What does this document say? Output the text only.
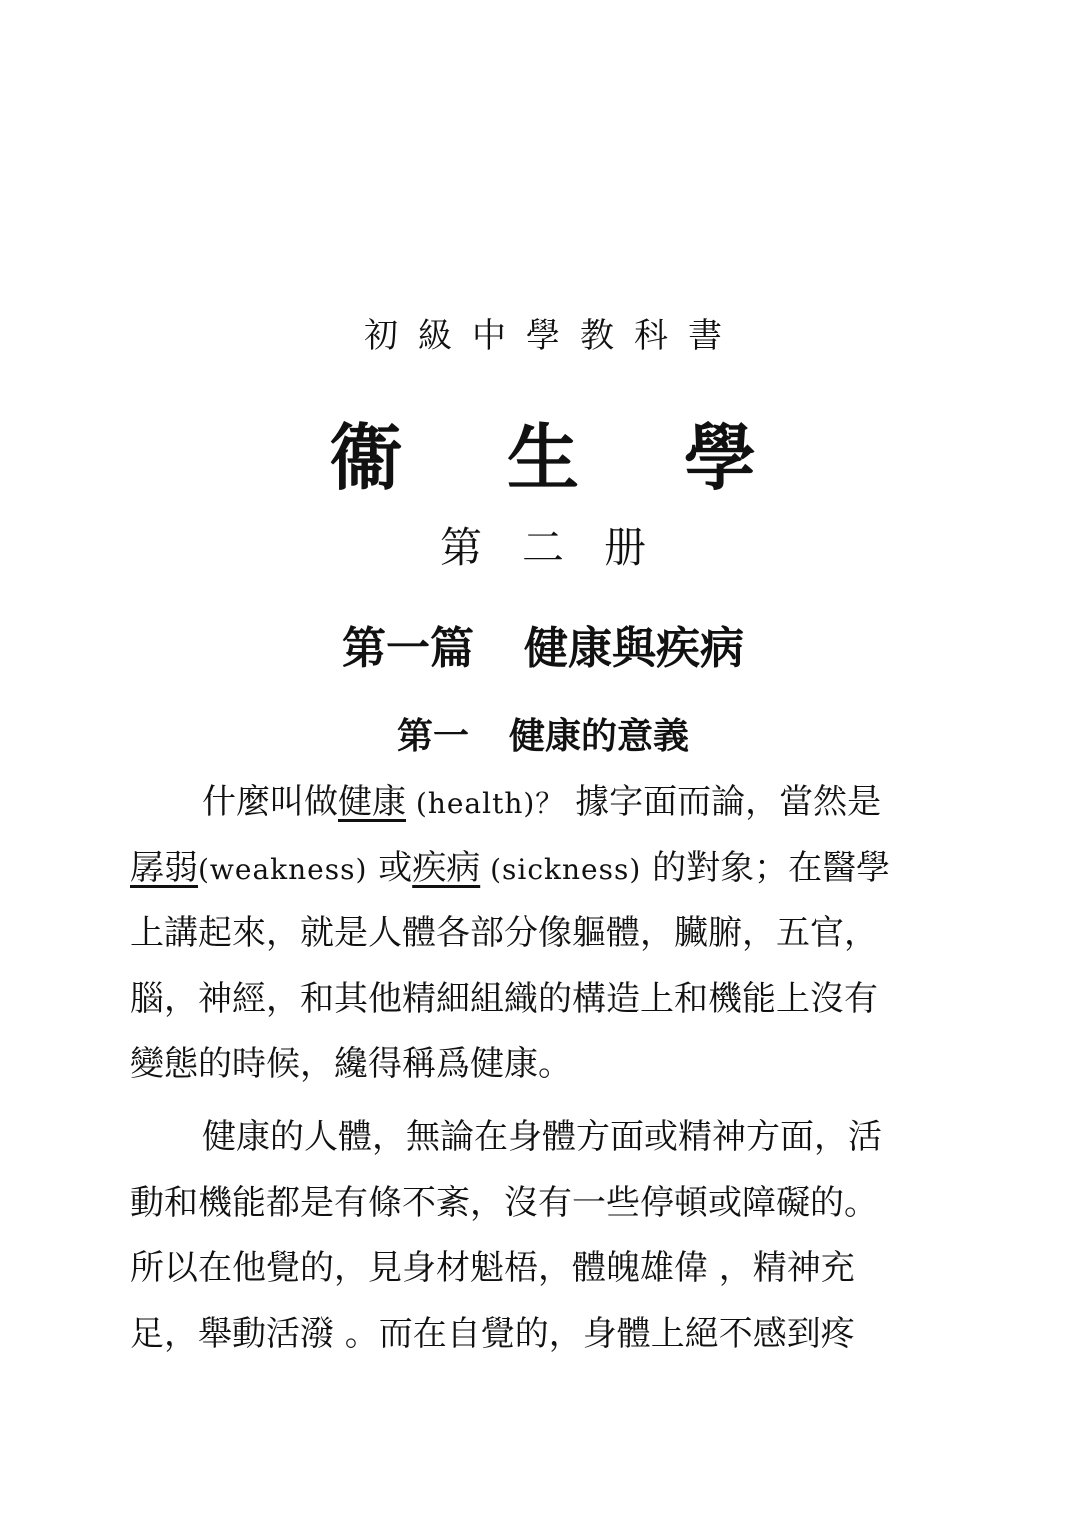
初級中學教科書
衞生學
第二册
第一篇 健康與疾病
第一 健康的意義
什麼叫做健康 (health)？ 據字面而論，當然是
孱弱(weakness) 或疾病 (sickness) 的對象；在醫學
上講起來，就是人體各部分像軀體，臟腑，五官，
腦，神經，和其他精細組織的構造上和機能上沒有
變態的時候，纔得稱爲健康。
健康的人體，無論在身體方面或精神方面，活
動和機能都是有條不紊，沒有一些停頓或障礙的。
所以在他覺的，見身材魁梧，體魄雄偉 ，精神充
足，舉動活潑 。而在自覺的，身體上絕不感到疼
